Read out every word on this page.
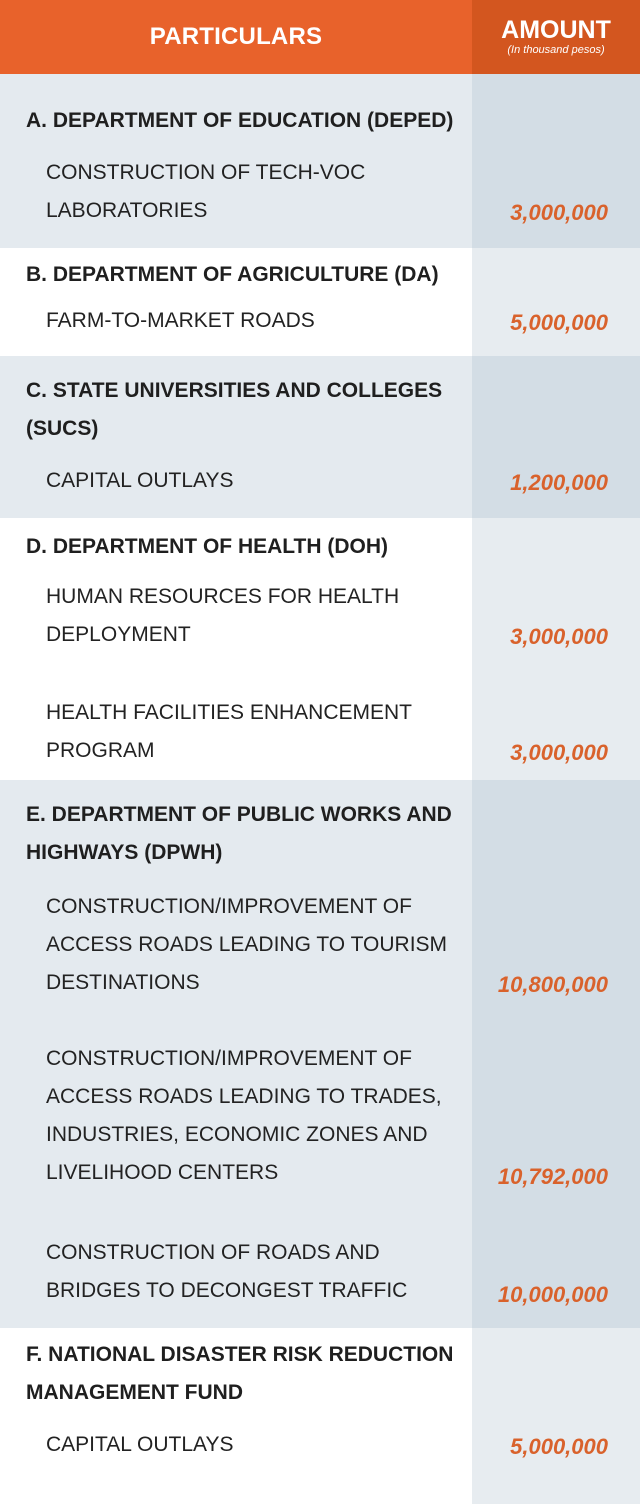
PARTICULARS	AMOUNT
(In thousand pesos)
A. DEPARTMENT OF EDUCATION (DEPED)
CONSTRUCTION OF TECH-VOC LABORATORIES	3,000,000
B. DEPARTMENT OF AGRICULTURE (DA)
FARM-TO-MARKET ROADS	5,000,000
C. STATE UNIVERSITIES AND COLLEGES (SUCS)
CAPITAL OUTLAYS	1,200,000
D. DEPARTMENT OF HEALTH (DOH)
HUMAN RESOURCES FOR HEALTH DEPLOYMENT	3,000,000
HEALTH FACILITIES ENHANCEMENT PROGRAM	3,000,000
E. DEPARTMENT OF PUBLIC WORKS AND HIGHWAYS (DPWH)
CONSTRUCTION/IMPROVEMENT OF ACCESS ROADS LEADING TO TOURISM DESTINATIONS	10,800,000
CONSTRUCTION/IMPROVEMENT OF ACCESS ROADS LEADING TO TRADES, INDUSTRIES, ECONOMIC ZONES AND LIVELIHOOD CENTERS	10,792,000
CONSTRUCTION OF ROADS AND BRIDGES TO DECONGEST TRAFFIC	10,000,000
F. NATIONAL DISASTER RISK REDUCTION MANAGEMENT FUND
CAPITAL OUTLAYS	5,000,000
